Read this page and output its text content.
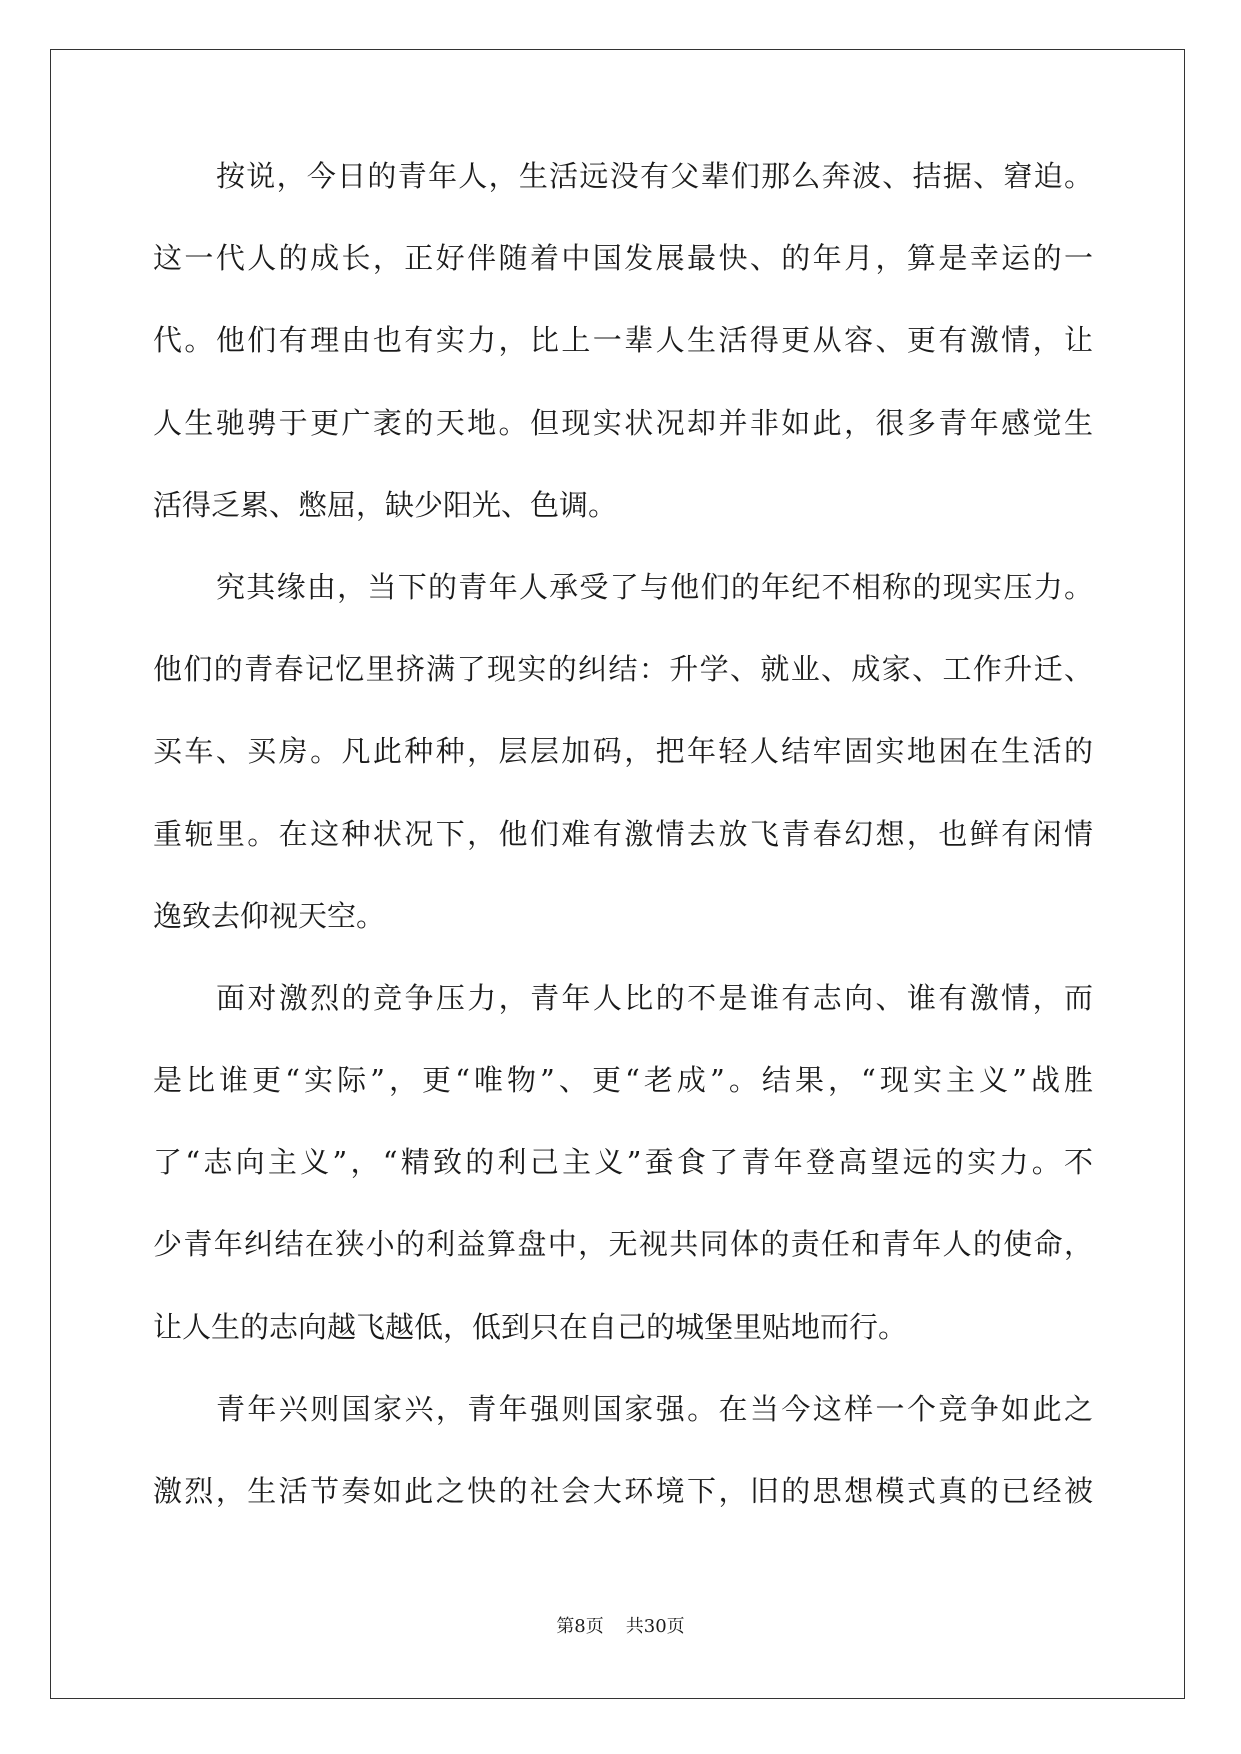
按说，今日的青年人，生活远没有父辈们那么奔波、拮据、窘迫。
这一代人的成长，正好伴随着中国发展最快、的年月，算是幸运的一
代。他们有理由也有实力，比上一辈人生活得更从容、更有激情，让
人生驰骋于更广袤的天地。但现实状况却并非如此，很多青年感觉生
活得乏累、憋屈，缺少阳光、色调。
究其缘由，当下的青年人承受了与他们的年纪不相称的现实压力。
他们的青春记忆里挤满了现实的纠结：升学、就业、成家、工作升迁、
买车、买房。凡此种种，层层加码，把年轻人结牢固实地困在生活的
重轭里。在这种状况下，他们难有激情去放飞青春幻想，也鲜有闲情
逸致去仰视天空。
面对激烈的竞争压力，青年人比的不是谁有志向、谁有激情，而
是比谁更“实际”，更“唯物”、更“老成”。结果，“现实主义”战胜
了“志向主义”，“精致的利己主义”蚕食了青年登高望远的实力。不
少青年纠结在狭小的利益算盘中，无视共同体的责任和青年人的使命，
让人生的志向越飞越低，低到只在自己的城堡里贴地而行。
青年兴则国家兴，青年强则国家强。在当今这样一个竞争如此之
激烈，生活节奏如此之快的社会大环境下，旧的思想模式真的已经被
第8页 共30页
